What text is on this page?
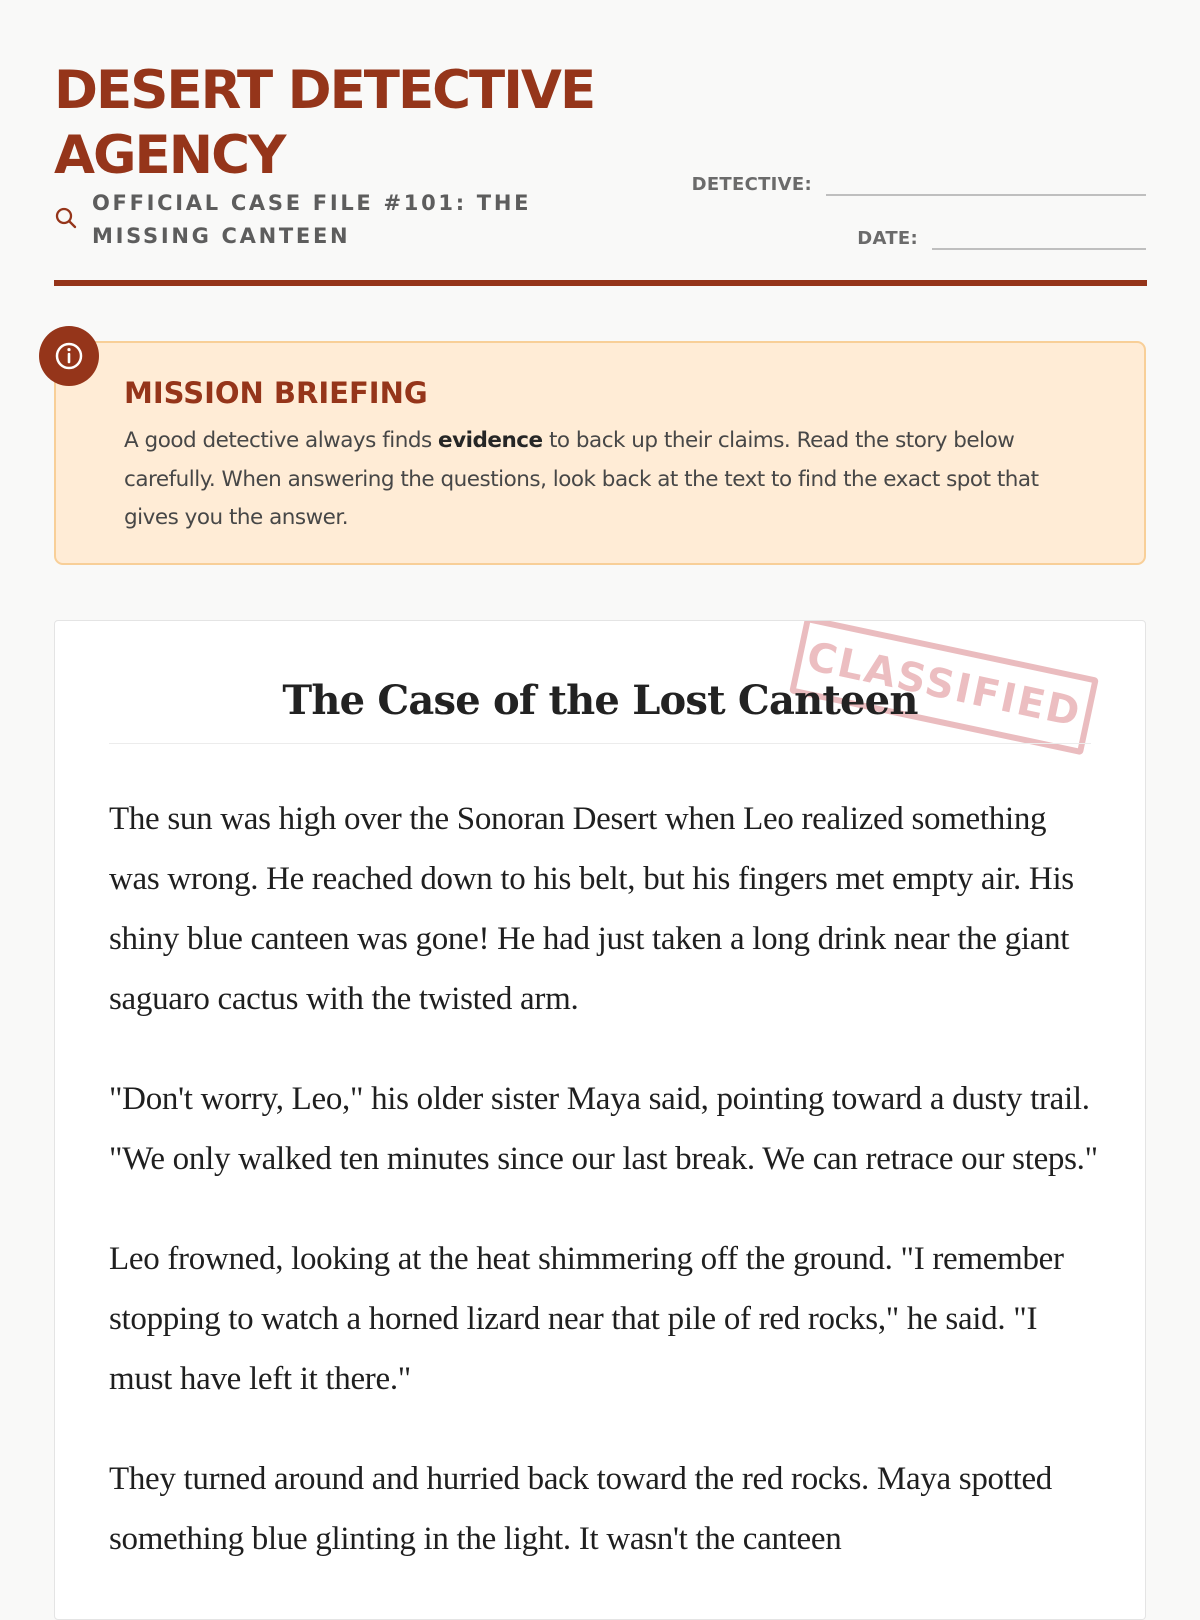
DESERT DETECTIVE AGENCY
OFFICIAL CASE FILE #101: THE MISSING CANTEEN
DETECTIVE:
DATE:
MISSION BRIEFING

A good detective always finds evidence to back up their claims. Read the story below carefully. When answering the questions, look back at the text to find the exact spot that gives you the answer.

CLASSIFIED
The Case of the Lost Canteen

The sun was high over the Sonoran Desert when Leo realized something was wrong. He reached down to his belt, but his fingers met empty air. His shiny blue canteen was gone! He had just taken a long drink near the giant saguaro cactus with the twisted arm.

"Don't worry, Leo," his older sister Maya said, pointing toward a dusty trail. "We only walked ten minutes since our last break. We can retrace our steps."

Leo frowned, looking at the heat shimmering off the ground. "I remember stopping to watch a horned lizard near that pile of red rocks," he said. "I must have left it there."

They turned around and hurried back toward the red rocks. Maya spotted something blue glinting in the light. It wasn't the canteen
